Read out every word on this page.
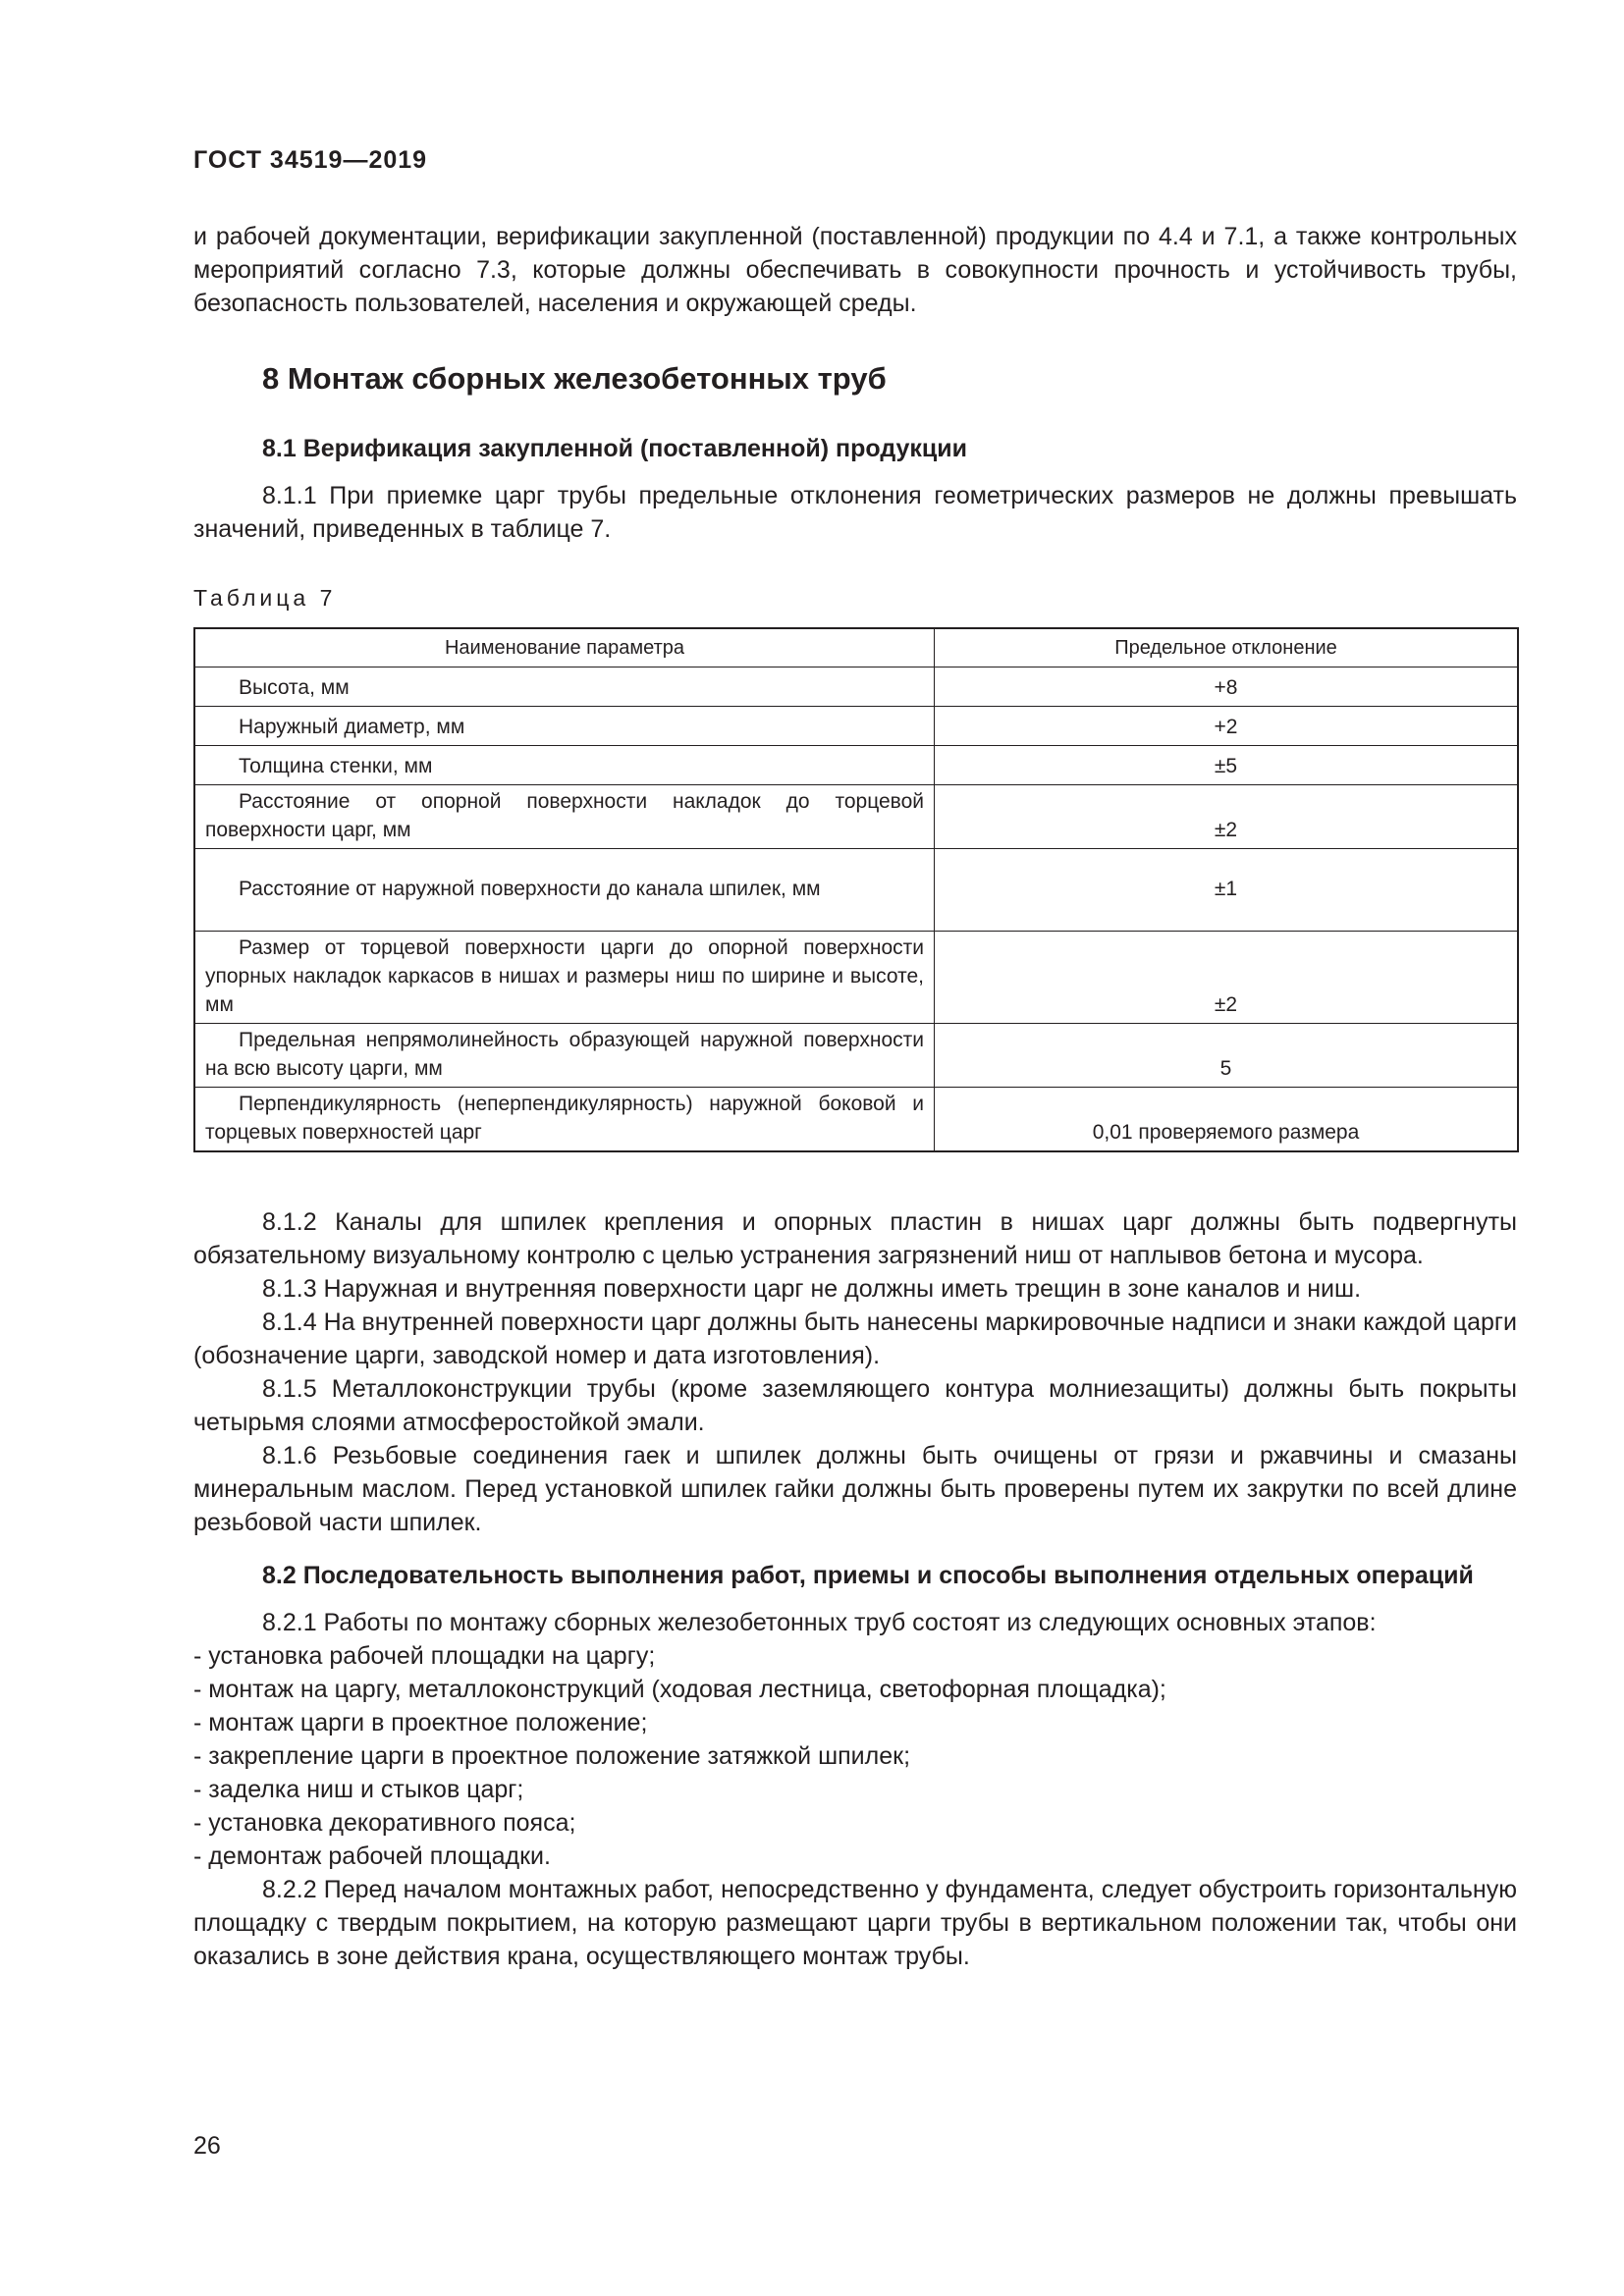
ГОСТ 34519—2019

и рабочей документации, верификации закупленной (поставленной) продукции по 4.4 и 7.1, а также контрольных мероприятий согласно 7.3, которые должны обеспечивать в совокупности прочность и устойчивость трубы, безопасность пользователей, населения и окружающей среды.

8 Монтаж сборных железобетонных труб

8.1 Верификация закупленной (поставленной) продукции

8.1.1 При приемке царг трубы предельные отклонения геометрических размеров не должны превышать значений, приведенных в таблице 7.

Таблица 7

Наименование параметра	Предельное отклонение
Высота, мм	+8
Наружный диаметр, мм	+2
Толщина стенки, мм	±5
Расстояние от опорной поверхности накладок до торцевой поверхности царг, мм	±2
Расстояние от наружной поверхности до канала шпилек, мм	±1
Размер от торцевой поверхности царги до опорной поверхности упорных накладок каркасов в нишах и размеры ниш по ширине и высоте, мм	±2
Предельная непрямолинейность образующей наружной поверхности на всю высоту царги, мм	5
Перпендикулярность (неперпендикулярность) наружной боковой и торцевых поверхностей царг	0,01 проверяемого размера

8.1.2 Каналы для шпилек крепления и опорных пластин в нишах царг должны быть подвергнуты обязательному визуальному контролю с целью устранения загрязнений ниш от наплывов бетона и мусора.

8.1.3 Наружная и внутренняя поверхности царг не должны иметь трещин в зоне каналов и ниш.

8.1.4 На внутренней поверхности царг должны быть нанесены маркировочные надписи и знаки каждой царги (обозначение царги, заводской номер и дата изготовления).

8.1.5 Металлоконструкции трубы (кроме заземляющего контура молниезащиты) должны быть покрыты четырьмя слоями атмосферостойкой эмали.

8.1.6 Резьбовые соединения гаек и шпилек должны быть очищены от грязи и ржавчины и смазаны минеральным маслом. Перед установкой шпилек гайки должны быть проверены путем их закрутки по всей длине резьбовой части шпилек.

8.2 Последовательность выполнения работ, приемы и способы выполнения отдельных операций

8.2.1 Работы по монтажу сборных железобетонных труб состоят из следующих основных этапов:

- установка рабочей площадки на царгу;
- монтаж на царгу, металлоконструкций (ходовая лестница, светофорная площадка);
- монтаж царги в проектное положение;
- закрепление царги в проектное положение затяжкой шпилек;
- заделка ниш и стыков царг;
- установка декоративного пояса;
- демонтаж рабочей площадки.

8.2.2 Перед началом монтажных работ, непосредственно у фундамента, следует обустроить горизонтальную площадку с твердым покрытием, на которую размещают царги трубы в вертикальном положении так, чтобы они оказались в зоне действия крана, осуществляющего монтаж трубы.

26
